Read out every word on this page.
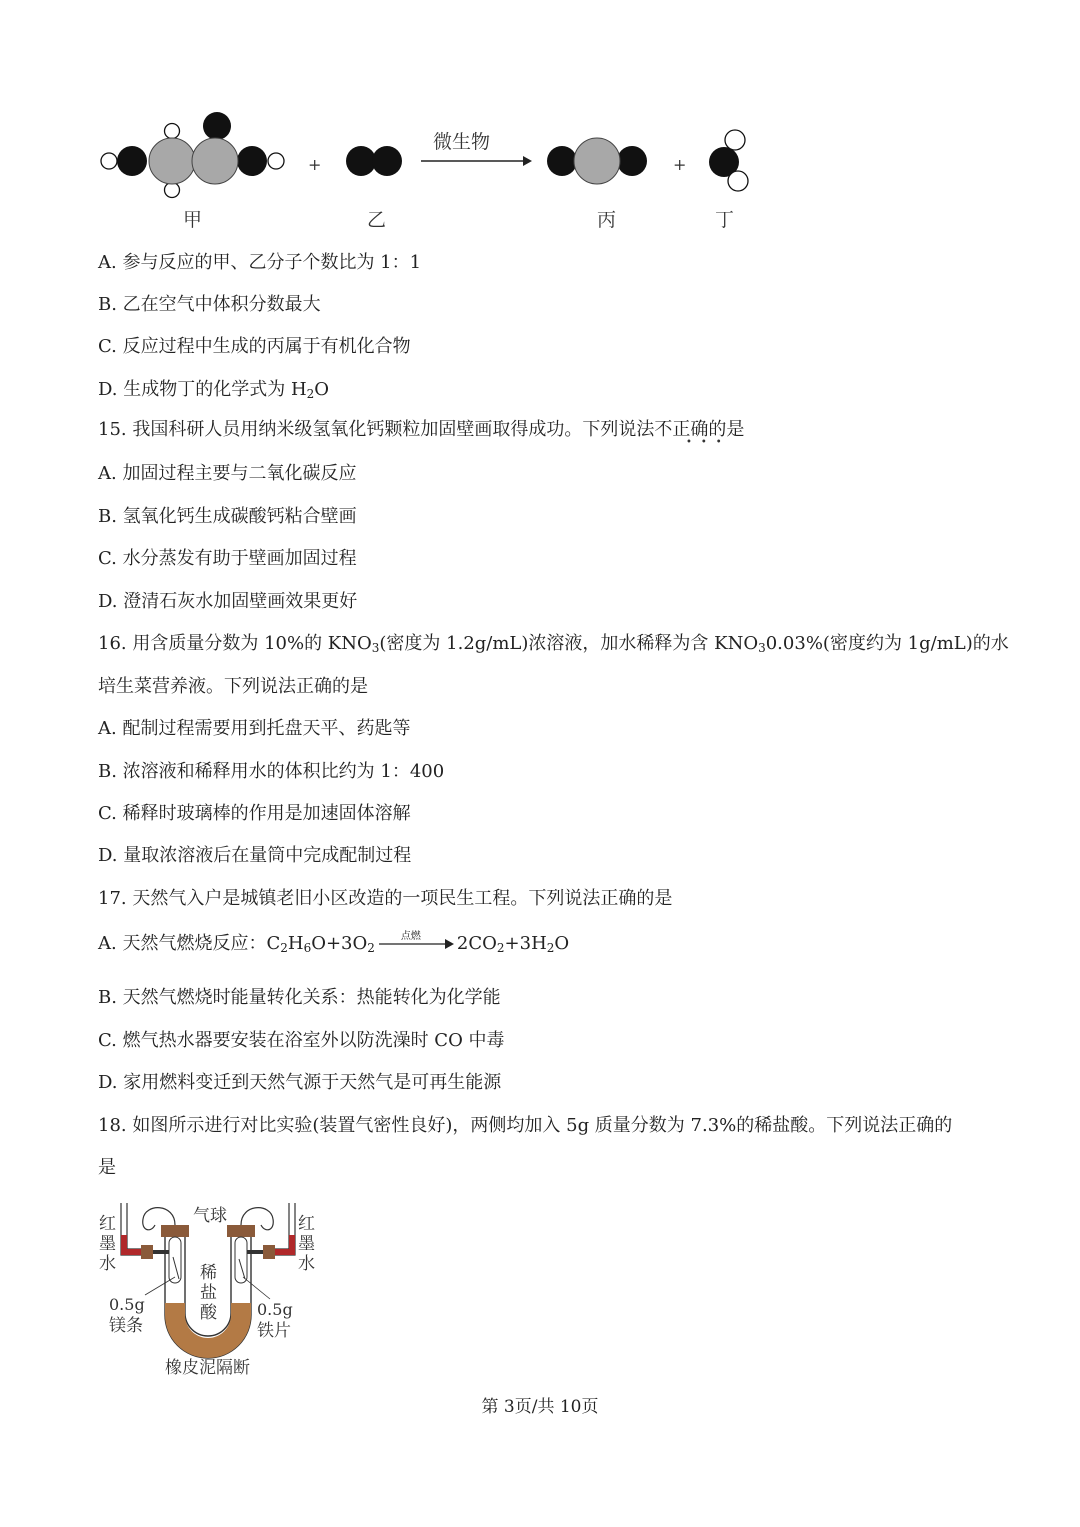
+
微生物
+
甲	乙	丙	丁
A. 参与反应的甲、乙分子个数比为 1：1
B. 乙在空气中体积分数最大
C. 反应过程中生成的丙属于有机化合物
D. 生成物丁的化学式为 $H_2O$
15. 我国科研人员用纳米级氢氧化钙颗粒加固壁画取得成功。下列说法不正确的是
•••
A. 加固过程主要与二氧化碳反应
B. 氢氧化钙生成碳酸钙粘合壁画
C. 水分蒸发有助于壁画加固过程
D. 澄清石灰水加固壁画效果更好
16. 用含质量分数为 10%的 $KNO_3$(密度为 1.2g/mL)浓溶液，加水稀释为含 $KNO_30.03\%$(密度约为 1g/mL)的水
培生菜营养液。下列说法正确的是
A. 配制过程需要用到托盘天平、药匙等
B. 浓溶液和稀释用水的体积比约为 1：400
C. 稀释时玻璃棒的作用是加速固体溶解
D. 量取浓溶液后在量筒中完成配制过程
17. 天然气入户是城镇老旧小区改造的一项民生工程。下列说法正确的是
A. 天然气燃烧反应：$C_2H_6O+3O_2$
点燃 $2CO_2+3H_2O$
B. 天然气燃烧时能量转化关系：热能转化为化学能
C. 燃气热水器要安装在浴室外以防洗澡时 CO 中毒
D. 家用燃料变迁到天然气源于天然气是可再生能源
18. 如图所示进行对比实验(装置气密性良好)，两侧均加入 5g 质量分数为 7.3%的稀盐酸。下列说法正确的
是
气球
红
墨
水
红
墨
水
稀
盐
酸
0.5g
镁条
0.5g
铁片
橡皮泥隔断
第 3页/共 10页
